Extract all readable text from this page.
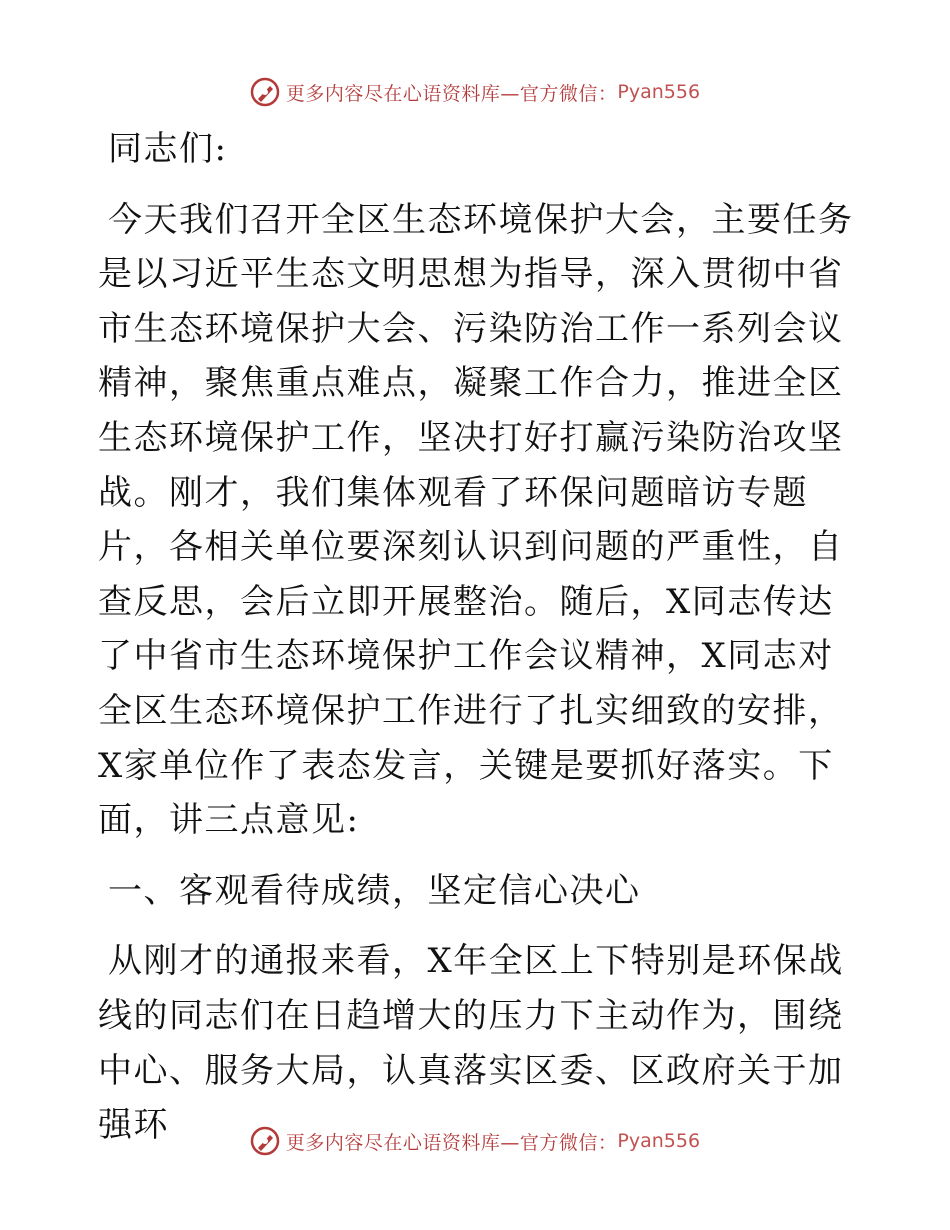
更多内容尽在心语资料库—官方微信： Pyan556

同志们:

今天我们召开全区生态环境保护大会，主要任务是以习近平生态文明思想为指导，深入贯彻中省市生态环境保护大会、污染防治工作一系列会议精神，聚焦重点难点，凝聚工作合力，推进全区生态环境保护工作，坚决打好打赢污染防治攻坚战。刚才，我们集体观看了环保问题暗访专题片，各相关单位要深刻认识到问题的严重性，自查反思，会后立即开展整治。随后，X同志传达了中省市生态环境保护工作会议精神，X同志对全区生态环境保护工作进行了扎实细致的安排，X家单位作了表态发言，关键是要抓好落实。下面，讲三点意见:

一、客观看待成绩，坚定信心决心

从刚才的通报来看，X年全区上下特别是环保战线的同志们在日趋增大的压力下主动作为，围绕中心、服务大局，认真落实区委、区政府关于加强环	更多内容尽在心语资料库—官方微信： Pyan556
